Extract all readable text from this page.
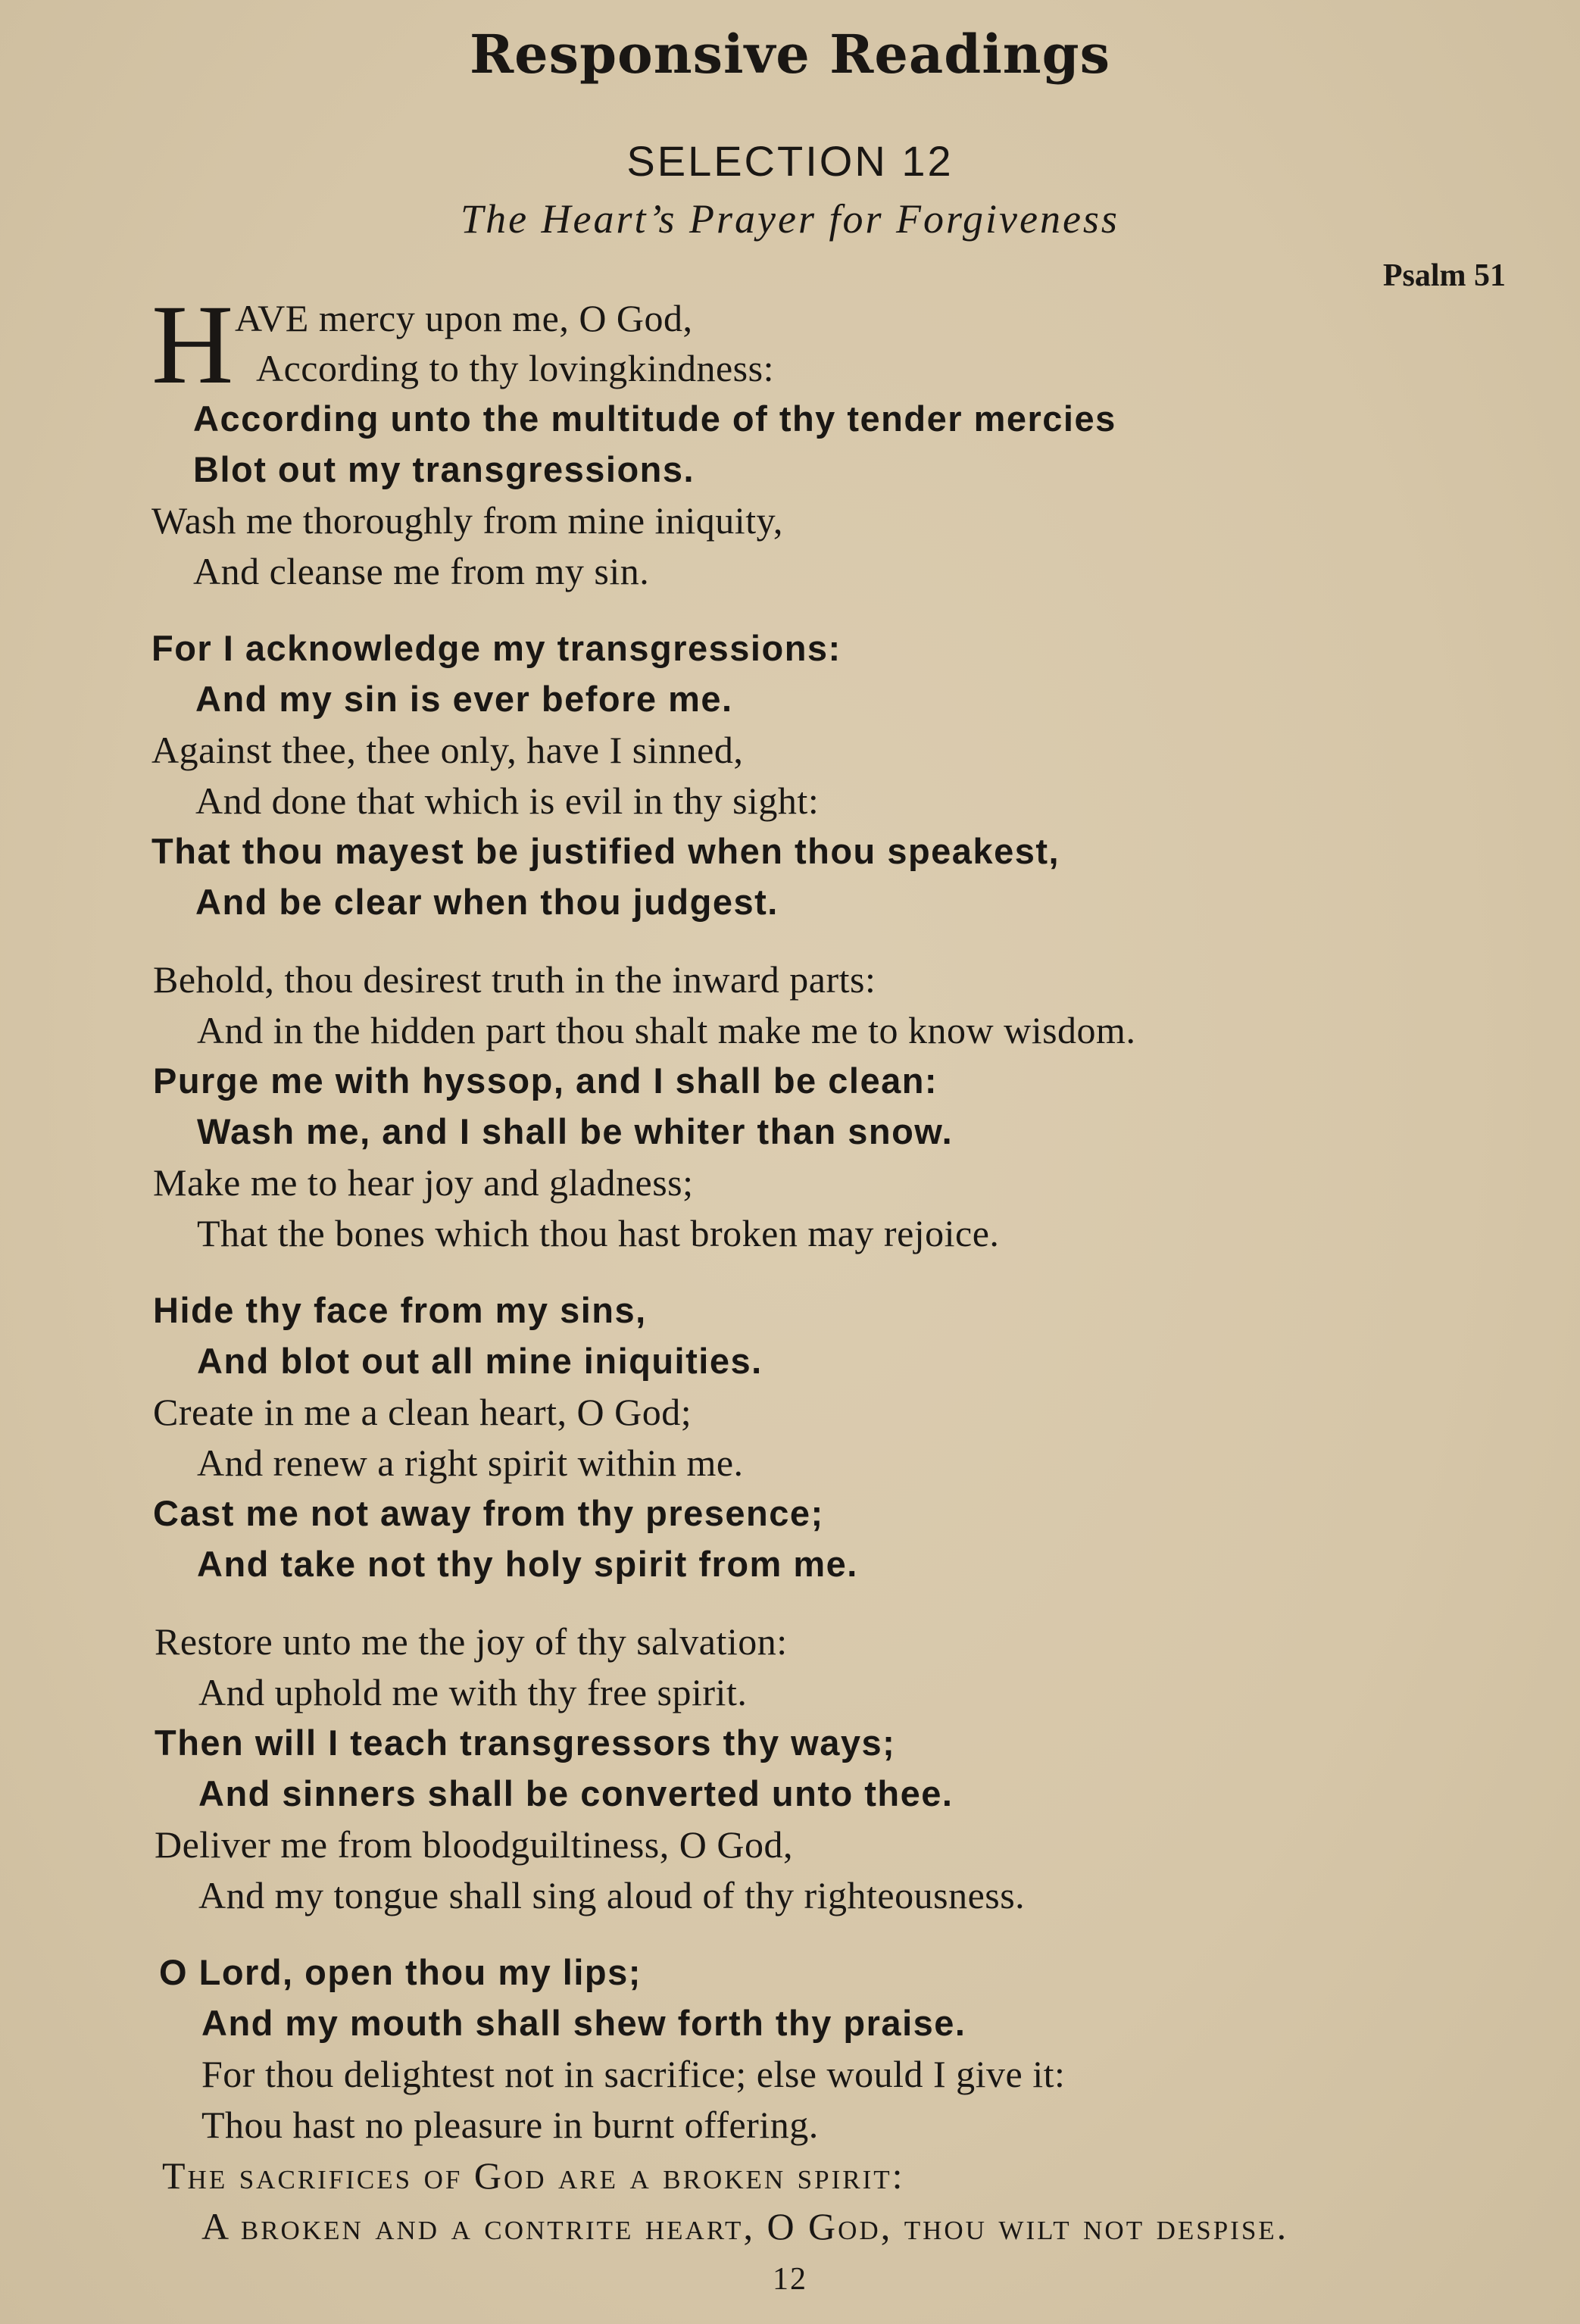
Responsive Readings
SELECTION 12
The Heart’s Prayer for Forgiveness
Psalm 51
H AVE mercy upon me, O God,
According to thy lovingkindness:
According unto the multitude of thy tender mercies
Blot out my transgressions.
Wash me thoroughly from mine iniquity,
And cleanse me from my sin.
For I acknowledge my transgressions:
And my sin is ever before me.
Against thee, thee only, have I sinned,
And done that which is evil in thy sight:
That thou mayest be justified when thou speakest,
And be clear when thou judgest.
Behold, thou desirest truth in the inward parts:
And in the hidden part thou shalt make me to know wisdom.
Purge me with hyssop, and I shall be clean:
Wash me, and I shall be whiter than snow.
Make me to hear joy and gladness;
That the bones which thou hast broken may rejoice.
Hide thy face from my sins,
And blot out all mine iniquities.
Create in me a clean heart, O God;
And renew a right spirit within me.
Cast me not away from thy presence;
And take not thy holy spirit from me.
Restore unto me the joy of thy salvation:
And uphold me with thy free spirit.
Then will I teach transgressors thy ways;
And sinners shall be converted unto thee.
Deliver me from bloodguiltiness, O God,
And my tongue shall sing aloud of thy righteousness.
O Lord, open thou my lips;
And my mouth shall shew forth thy praise.
For thou delightest not in sacrifice; else would I give it:
Thou hast no pleasure in burnt offering.
The sacrifices of God are a broken spirit:
A broken and a contrite heart, O God, thou wilt not despise.
12
